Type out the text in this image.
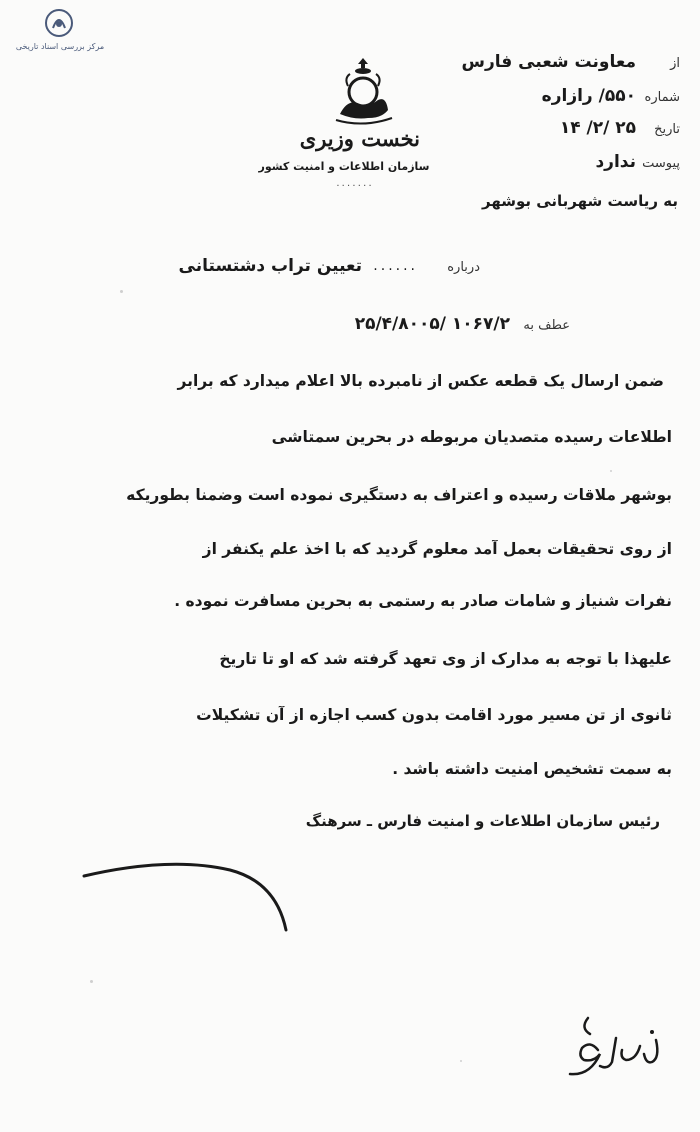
مرکز بررسی اسناد تاریخی
نخست وزیری
سازمان اطلاعات و امنیت کشور
۰۰۰۰۰۰۰
از
معاونت شعبی فارس
شماره
۵۵۰/ رازاره
تاریخ
۱۴ /۲/ ۲۵
پیوست
ندارد
به ریاست شهربانی بوشهر
درباره
......
تعیین تراب دشتستانی
عطف به
۲۵/۴/۸۰۰۵/ ۱۰۶۷/۲
ضمن ارسال یک قطعه عکس از نامبرده بالا اعلام میدارد که برابر
اطلاعات رسیده متصدیان مربوطه در بحرین سمتاشی
بوشهر ملاقات رسیده و اعتراف به دستگیری نموده است وضمنا بطوریکه
از روی تحقیقات بعمل آمد معلوم گردید که با اخذ علم یکنفر از
نفرات شنیاز و شامات صادر به رستمی به بحرین مسافرت نموده .
علیهذا با توجه به مدارک از وی تعهد گرفته شد که او تا تاریخ
ثانوی از تن مسیر مورد اقامت بدون کسب اجازه از آن تشکیلات
به سمت تشخیص امنیت داشته باشد .
رئیس سازمان اطلاعات و امنیت فارس ـ سرهنگ
